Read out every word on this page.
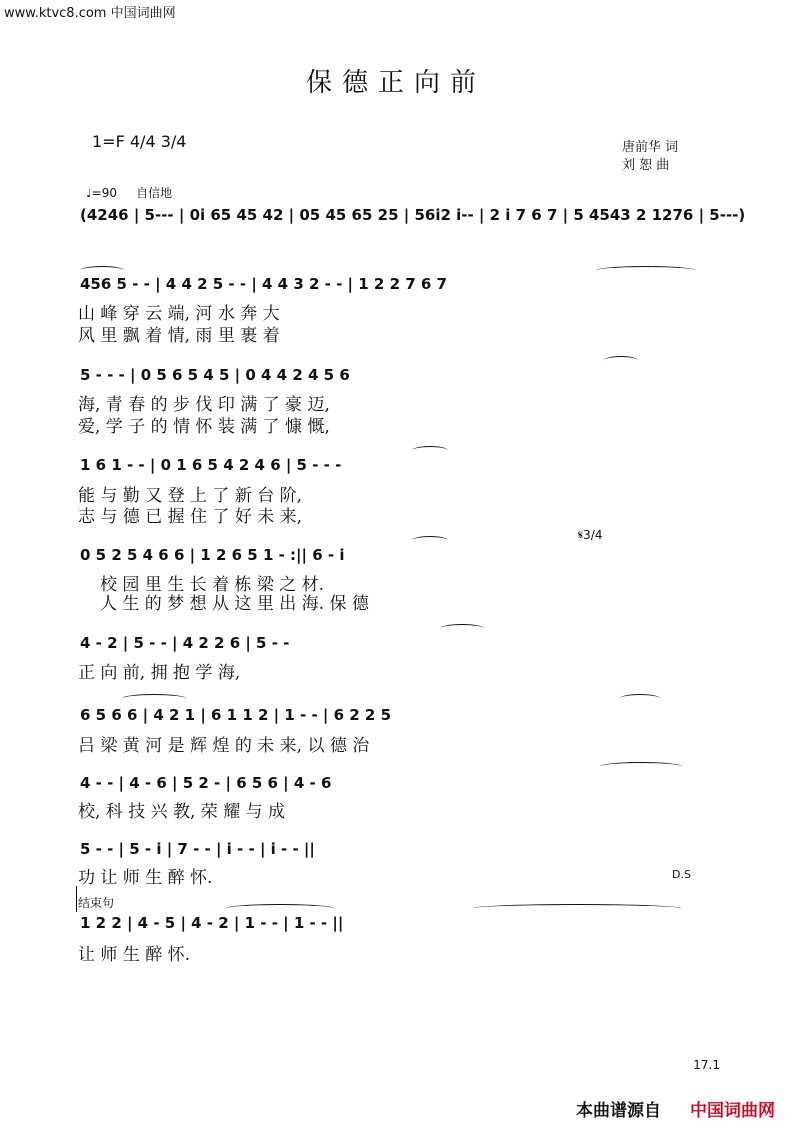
www.ktvc8.com 中国词曲网
保德正向前
1=F 4/4 3/4	唐前华 词
刘 恕 曲
♩=90 自信地
(4246 | 5--- | 0i 65 45 42 | 05 45 65 25 | 56i2 i-- | 2 i 7 6 7 | 5 4543 2 1276 | 5---)
456 5 - - | 4 4 2 5 - - | 4 4 3 2 - - | 1 2 2 7 6 7
山 峰 穿 云 端, 河 水 奔 大
风 里 飘 着 情, 雨 里 裹 着
5 - - - | 0 5 6 5 4 5 | 0 4 4 2 4 5 6
海, 青 春 的 步 伐 印 满 了 豪 迈,
爱, 学 子 的 情 怀 装 满 了 慷 慨,
1 6 1 - - | 0 1 6 5 4 2 4 6 | 5 - - -
能 与 勤 又 登 上 了 新 台 阶,
志 与 德 已 握 住 了 好 未 来,
0 5 2 5 4 6 6 | 1 2 6 5 1 - :|| 6 - i
𝄋3/4
校 园 里 生 长 着 栋 梁 之 材.
人 生 的 梦 想 从 这 里 出 海. 保 德
4 - 2 | 5 - - | 4 2 2 6 | 5 - -
正 向 前, 拥 抱 学 海,
6 5 6 6 | 4 2 1 | 6 1 1 2 | 1 - - | 6 2 2 5
吕 梁 黄 河 是 辉 煌 的 未 来, 以 德 治
4 - - | 4 - 6 | 5 2 - | 6 5 6 | 4 - 6
校, 科 技 兴 教, 荣 耀 与 成
5 - - | 5 - i | 7 - - | i - - | i - - ||
功 让 师 生 醉 怀.	D.S
结束句
1 2 2 | 4 - 5 | 4 - 2 | 1 - - | 1 - - ||
让 师 生 醉 怀.
17.1
本曲谱源自 中国词曲网
